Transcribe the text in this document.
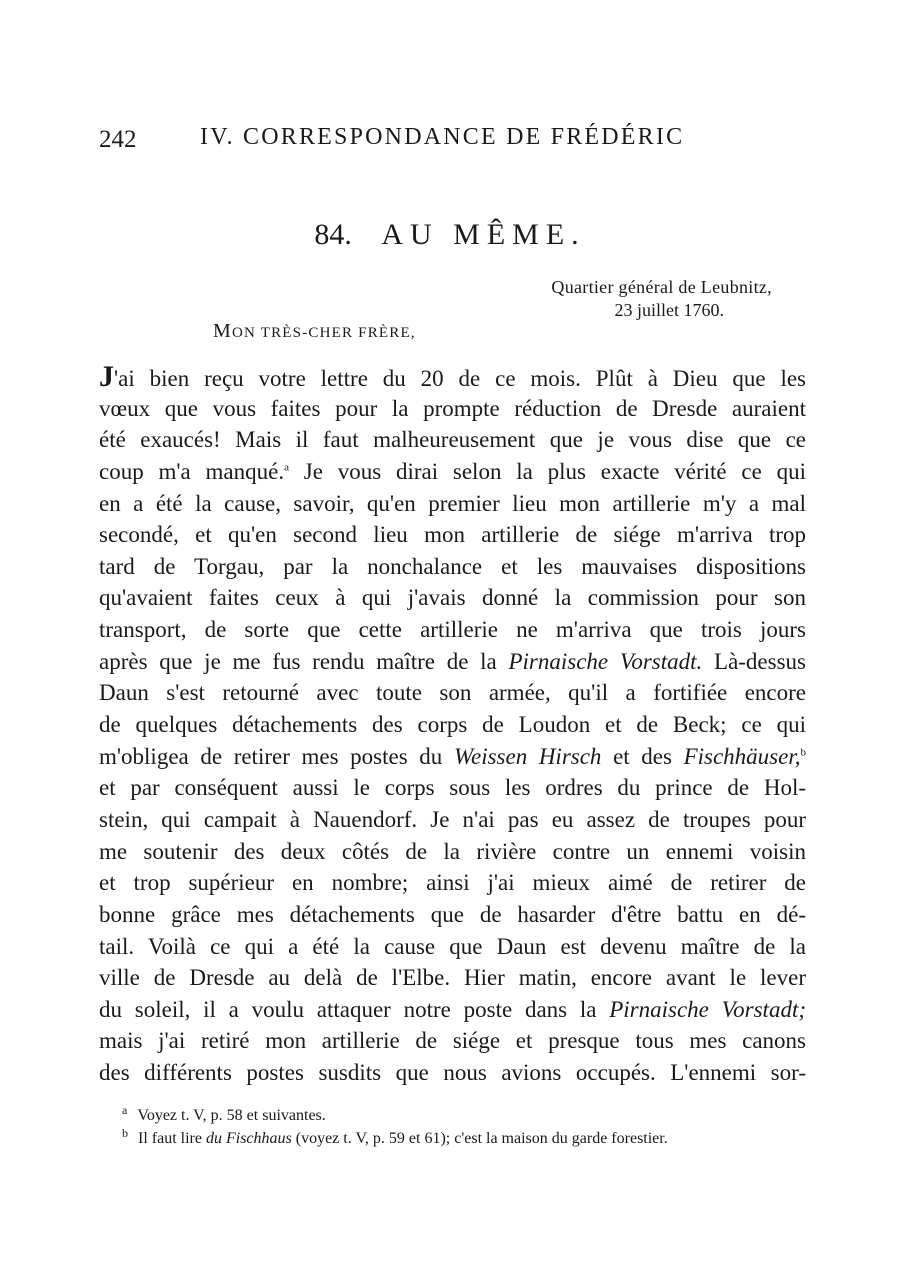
242	IV. CORRESPONDANCE DE FRÉDÉRIC
84. AU MÊME.
Quartier général de Leubnitz,
23 juillet 1760.
MON TRÈS-CHER FRÈRE,
J'ai bien reçu votre lettre du 20 de ce mois. Plût à Dieu que les
vœux que vous faites pour la prompte réduction de Dresde auraient
été exaucés! Mais il faut malheureusement que je vous dise que ce
coup m'a manqué.$^a$ Je vous dirai selon la plus exacte vérité ce qui
en a été la cause, savoir, qu'en premier lieu mon artillerie m'y a mal
secondé, et qu'en second lieu mon artillerie de siége m'arriva trop
tard de Torgau, par la nonchalance et les mauvaises dispositions
qu'avaient faites ceux à qui j'avais donné la commission pour son
transport, de sorte que cette artillerie ne m'arriva que trois jours
après que je me fus rendu maître de la Pirnaische Vorstadt. Là-dessus
Daun s'est retourné avec toute son armée, qu'il a fortifiée encore
de quelques détachements des corps de Loudon et de Beck; ce qui
m'obligea de retirer mes postes du Weissen Hirsch et des Fischhäuser,$^b$
et par conséquent aussi le corps sous les ordres du prince de Hol-
stein, qui campait à Nauendorf. Je n'ai pas eu assez de troupes pour
me soutenir des deux côtés de la rivière contre un ennemi voisin
et trop supérieur en nombre; ainsi j'ai mieux aimé de retirer de
bonne grâce mes détachements que de hasarder d'être battu en dé-
tail. Voilà ce qui a été la cause que Daun est devenu maître de la
ville de Dresde au delà de l'Elbe. Hier matin, encore avant le lever
du soleil, il a voulu attaquer notre poste dans la Pirnaische Vorstadt;
mais j'ai retiré mon artillerie de siége et presque tous mes canons
des différents postes susdits que nous avions occupés. L'ennemi sor-
$^a$ Voyez t. V, p. 58 et suivantes.
$^b$ Il faut lire du Fischhaus (voyez t. V, p. 59 et 61); c'est la maison du garde forestier.
